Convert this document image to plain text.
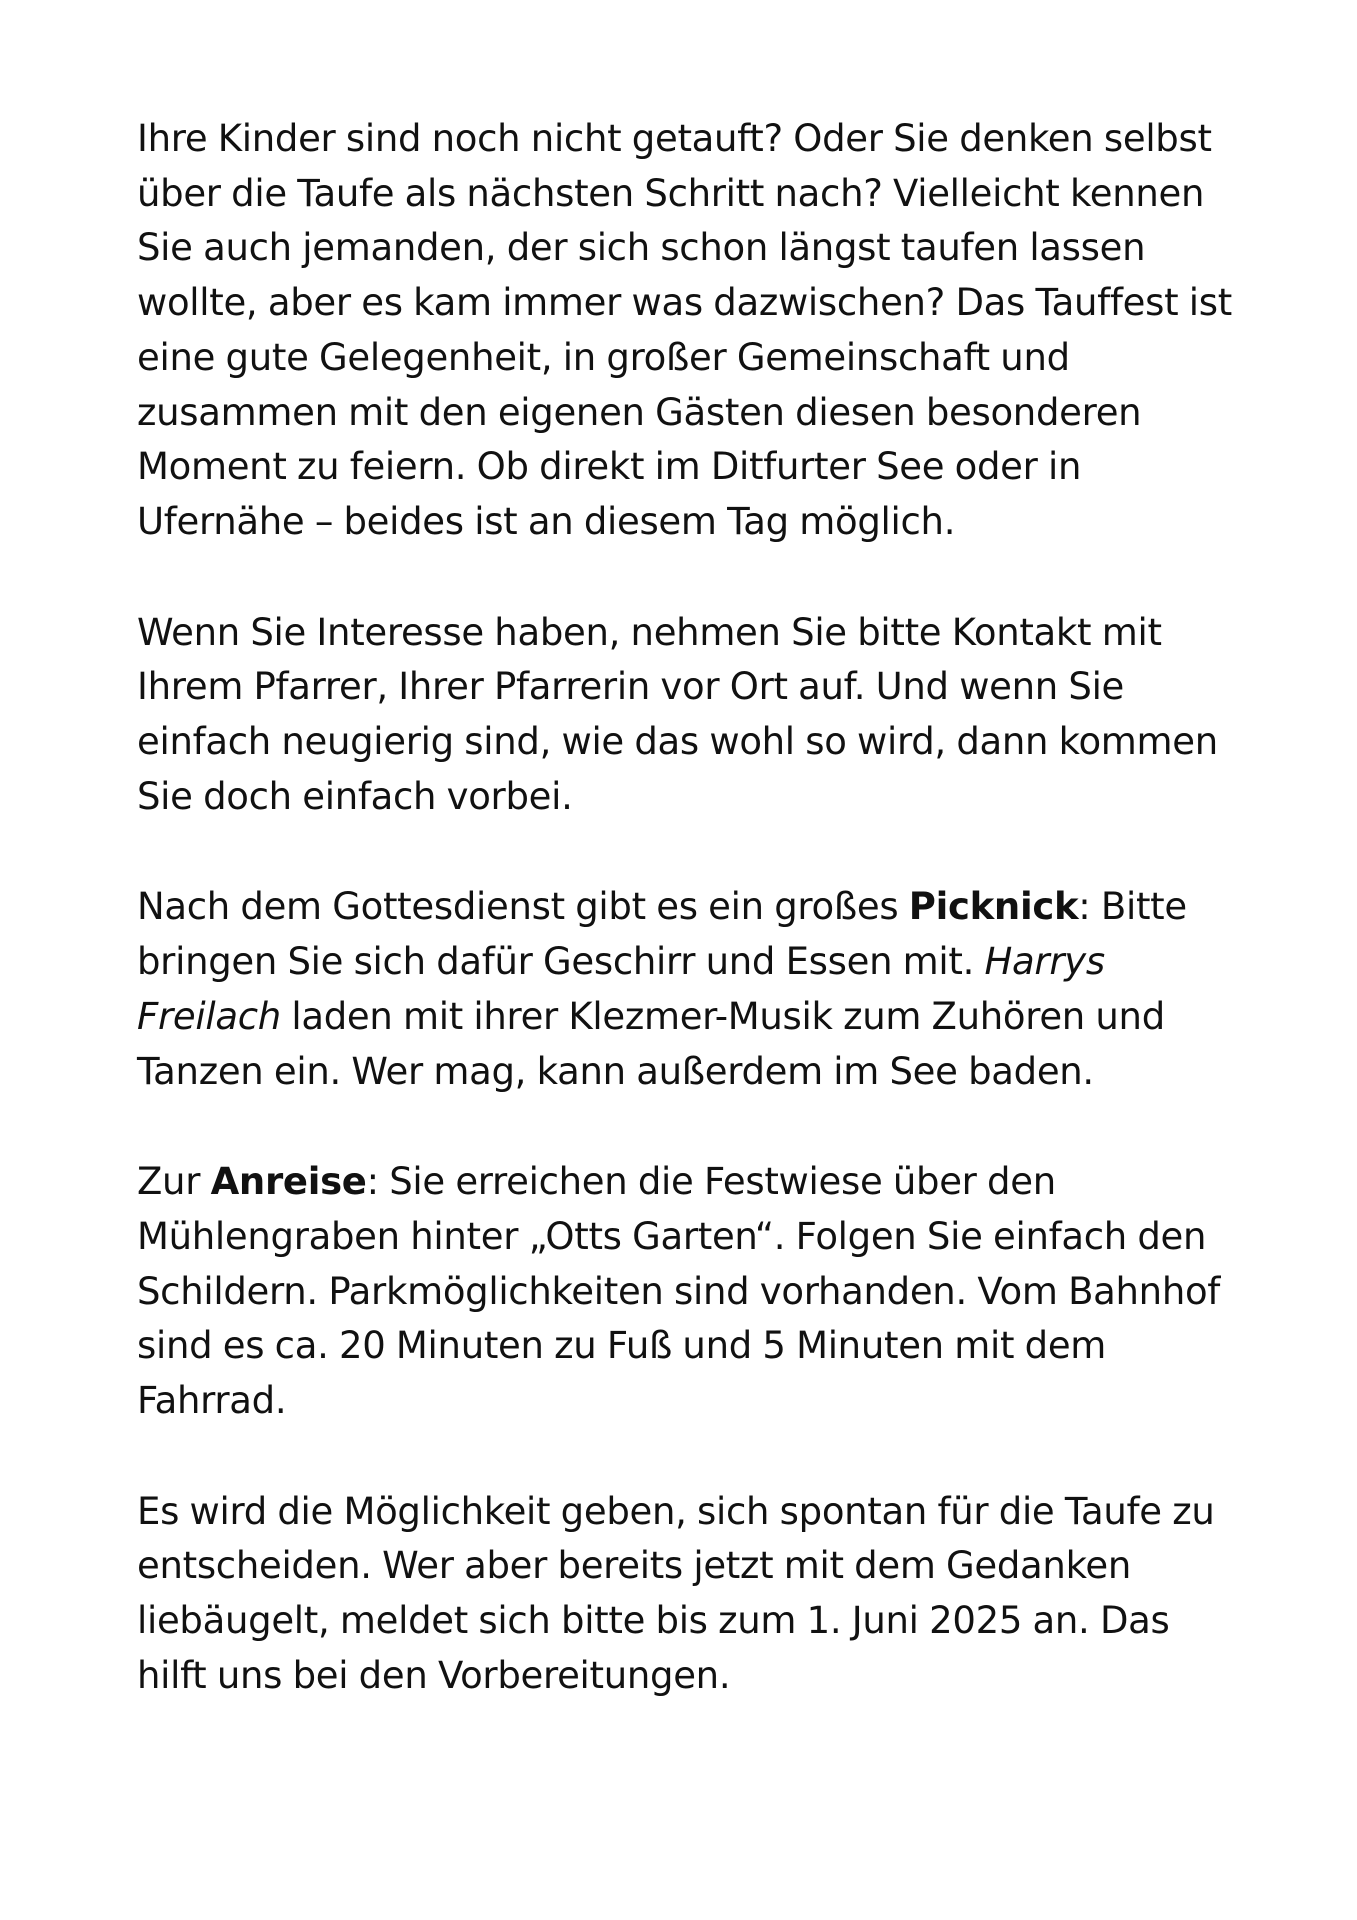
Ihre Kinder sind noch nicht getauft? Oder Sie denken selbst über die Taufe als nächsten Schritt nach? Vielleicht kennen Sie auch jemanden, der sich schon längst taufen lassen wollte, aber es kam immer was dazwischen? Das Tauffest ist eine gute Gelegenheit, in großer Gemeinschaft und zusammen mit den eigenen Gästen diesen besonderen Moment zu feiern. Ob direkt im Ditfurter See oder in Ufernähe – beides ist an diesem Tag möglich.

Wenn Sie Interesse haben, nehmen Sie bitte Kontakt mit Ihrem Pfarrer, Ihrer Pfarrerin vor Ort auf. Und wenn Sie einfach neugierig sind, wie das wohl so wird, dann kommen Sie doch einfach vorbei.

Nach dem Gottesdienst gibt es ein großes Picknick: Bitte bringen Sie sich dafür Geschirr und Essen mit. Harrys Freilach laden mit ihrer Klezmer-Musik zum Zuhören und Tanzen ein. Wer mag, kann außerdem im See baden.

Zur Anreise: Sie erreichen die Festwiese über den Mühlengraben hinter „Otts Garten“. Folgen Sie einfach den Schildern. Parkmöglichkeiten sind vorhanden. Vom Bahnhof sind es ca. 20 Minuten zu Fuß und 5 Minuten mit dem Fahrrad.

Es wird die Möglichkeit geben, sich spontan für die Taufe zu entscheiden. Wer aber bereits jetzt mit dem Gedanken liebäugelt, meldet sich bitte bis zum 1. Juni 2025 an. Das hilft uns bei den Vorbereitungen.
